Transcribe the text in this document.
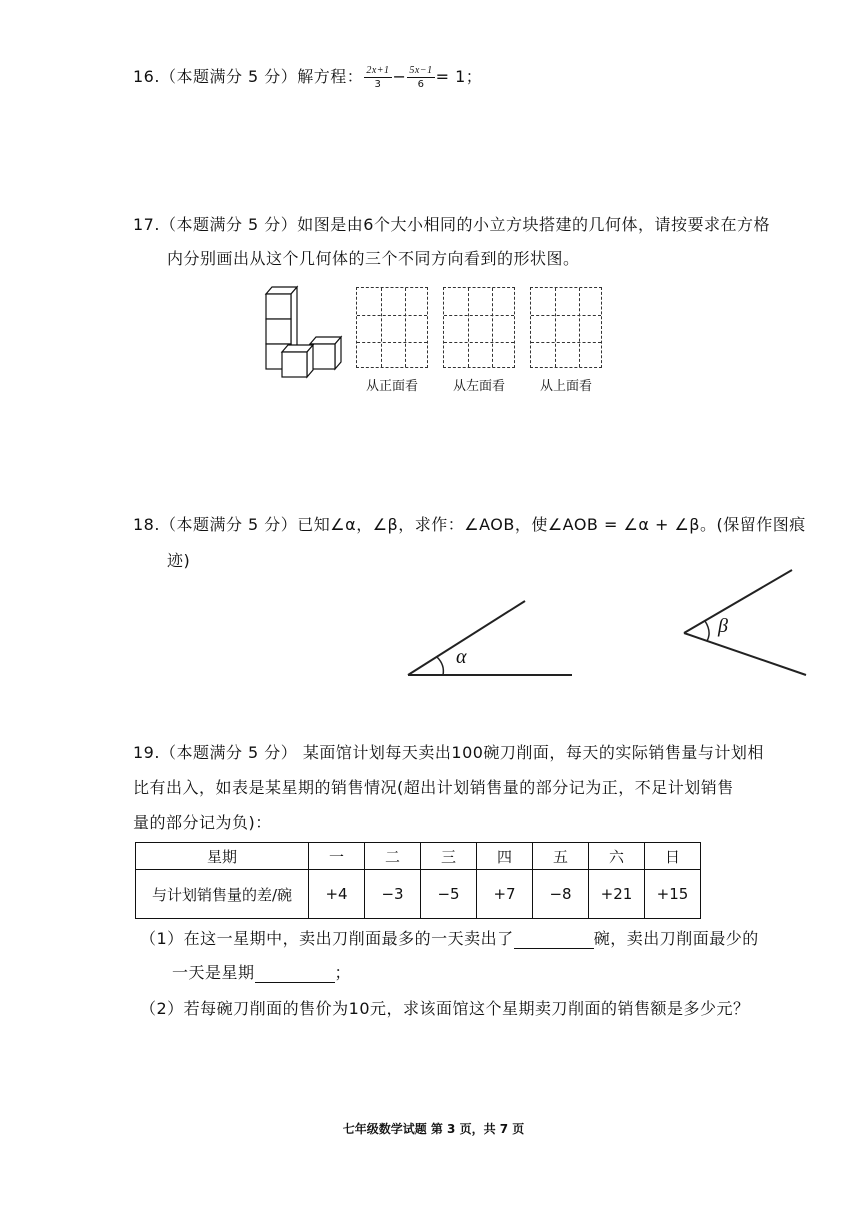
16.（本题满分 5 分）解方程： $\frac{2x+1}{3} - \frac{5x-1}{6} = 1$；
17.（本题满分 5 分）如图是由6个大小相同的小立方块搭建的几何体，请按要求在方格
内分别画出从这个几何体的三个不同方向看到的形状图。
从正面看	从左面看	从上面看
18.（本题满分 5 分）已知∠α，∠β，求作：∠AOB，使∠AOB = ∠α + ∠β。(保留作图痕
迹)
α
β
19.（本题满分 5 分） 某面馆计划每天卖出100碗刀削面，每天的实际销售量与计划相
比有出入，如表是某星期的销售情况(超出计划销售量的部分记为正，不足计划销售
量的部分记为负)：
星期	一	二	三	四	五	六	日
与计划销售量的差/碗	+4	−3	−5	+7	−8	+21	+15
（1）在这一星期中，卖出刀削面最多的一天卖出了	碗，卖出刀削面最少的
一天是星期	；
（2）若每碗刀削面的售价为10元，求该面馆这个星期卖刀削面的销售额是多少元？
七年级数学试题 第 3 页，共 7 页
